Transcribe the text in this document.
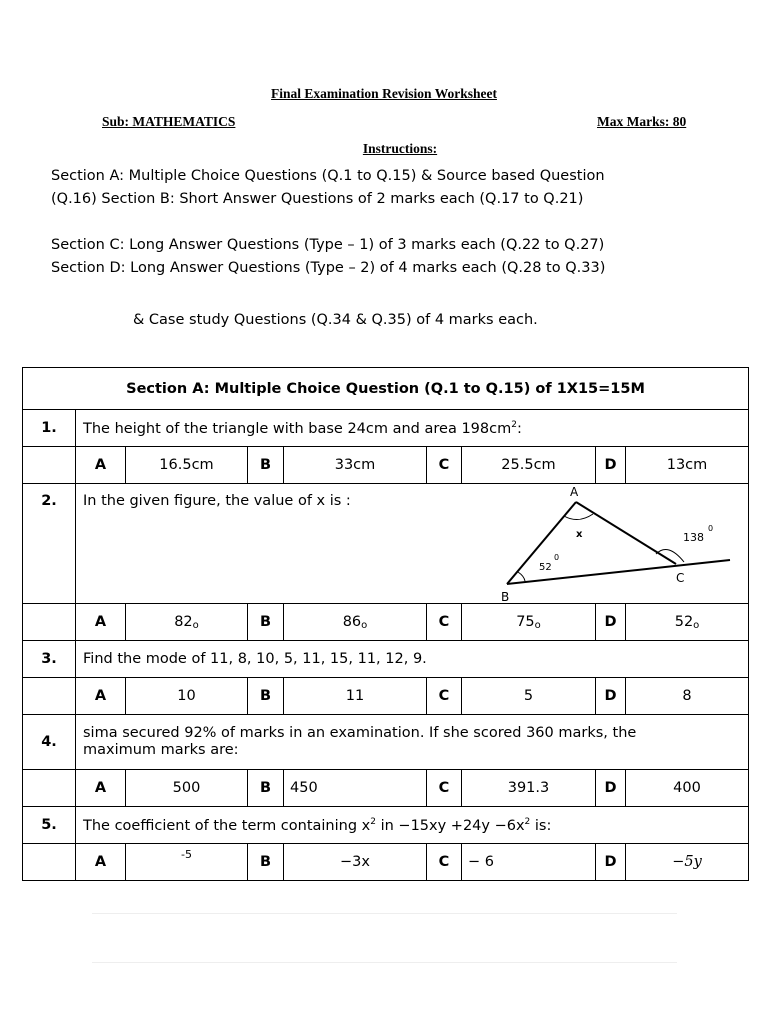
Final Examination Revision Worksheet
Sub: MATHEMATICS	Max Marks: 80
Instructions:
Section A: Multiple Choice Questions (Q.1 to Q.15) & Source based Question (Q.16) Section B: Short Answer Questions of 2 marks each (Q.17 to Q.21)
Section C: Long Answer Questions (Type – 1) of 3 marks each (Q.22 to Q.27) Section D: Long Answer Questions (Type – 2) of 4 marks each (Q.28 to Q.33)
& Case study Questions (Q.34 & Q.35) of 4 marks each.
Section A: Multiple Choice Question (Q.1 to Q.15) of 1X15=15M								
1.	The height of the triangle with base 24cm and area $198cm^2$:							
	A	16.5cm	B	33cm	C	25.5cm	D	13cm
2.	In the given figure, the value of x is :							
	A	82o	B	86o	C	75o	D	52o
3.	Find the mode of 11, 8, 10, 5, 11, 15, 11, 12, 9.							
	A	10	B	11	C	5	D	8
4.	sima secured 92% of marks in an examination. If she scored 360 marks, the maximum marks are:							
	A	500	B	450	C	391.3	D	400
5.	The coefficient of the term containing $x^2$ in $-15xy +24y -6x^2$ is:							
	A	$^{-5}$	B	−3x	C	− 6	D	−5y
A
B
C
x
52
0
138
0
